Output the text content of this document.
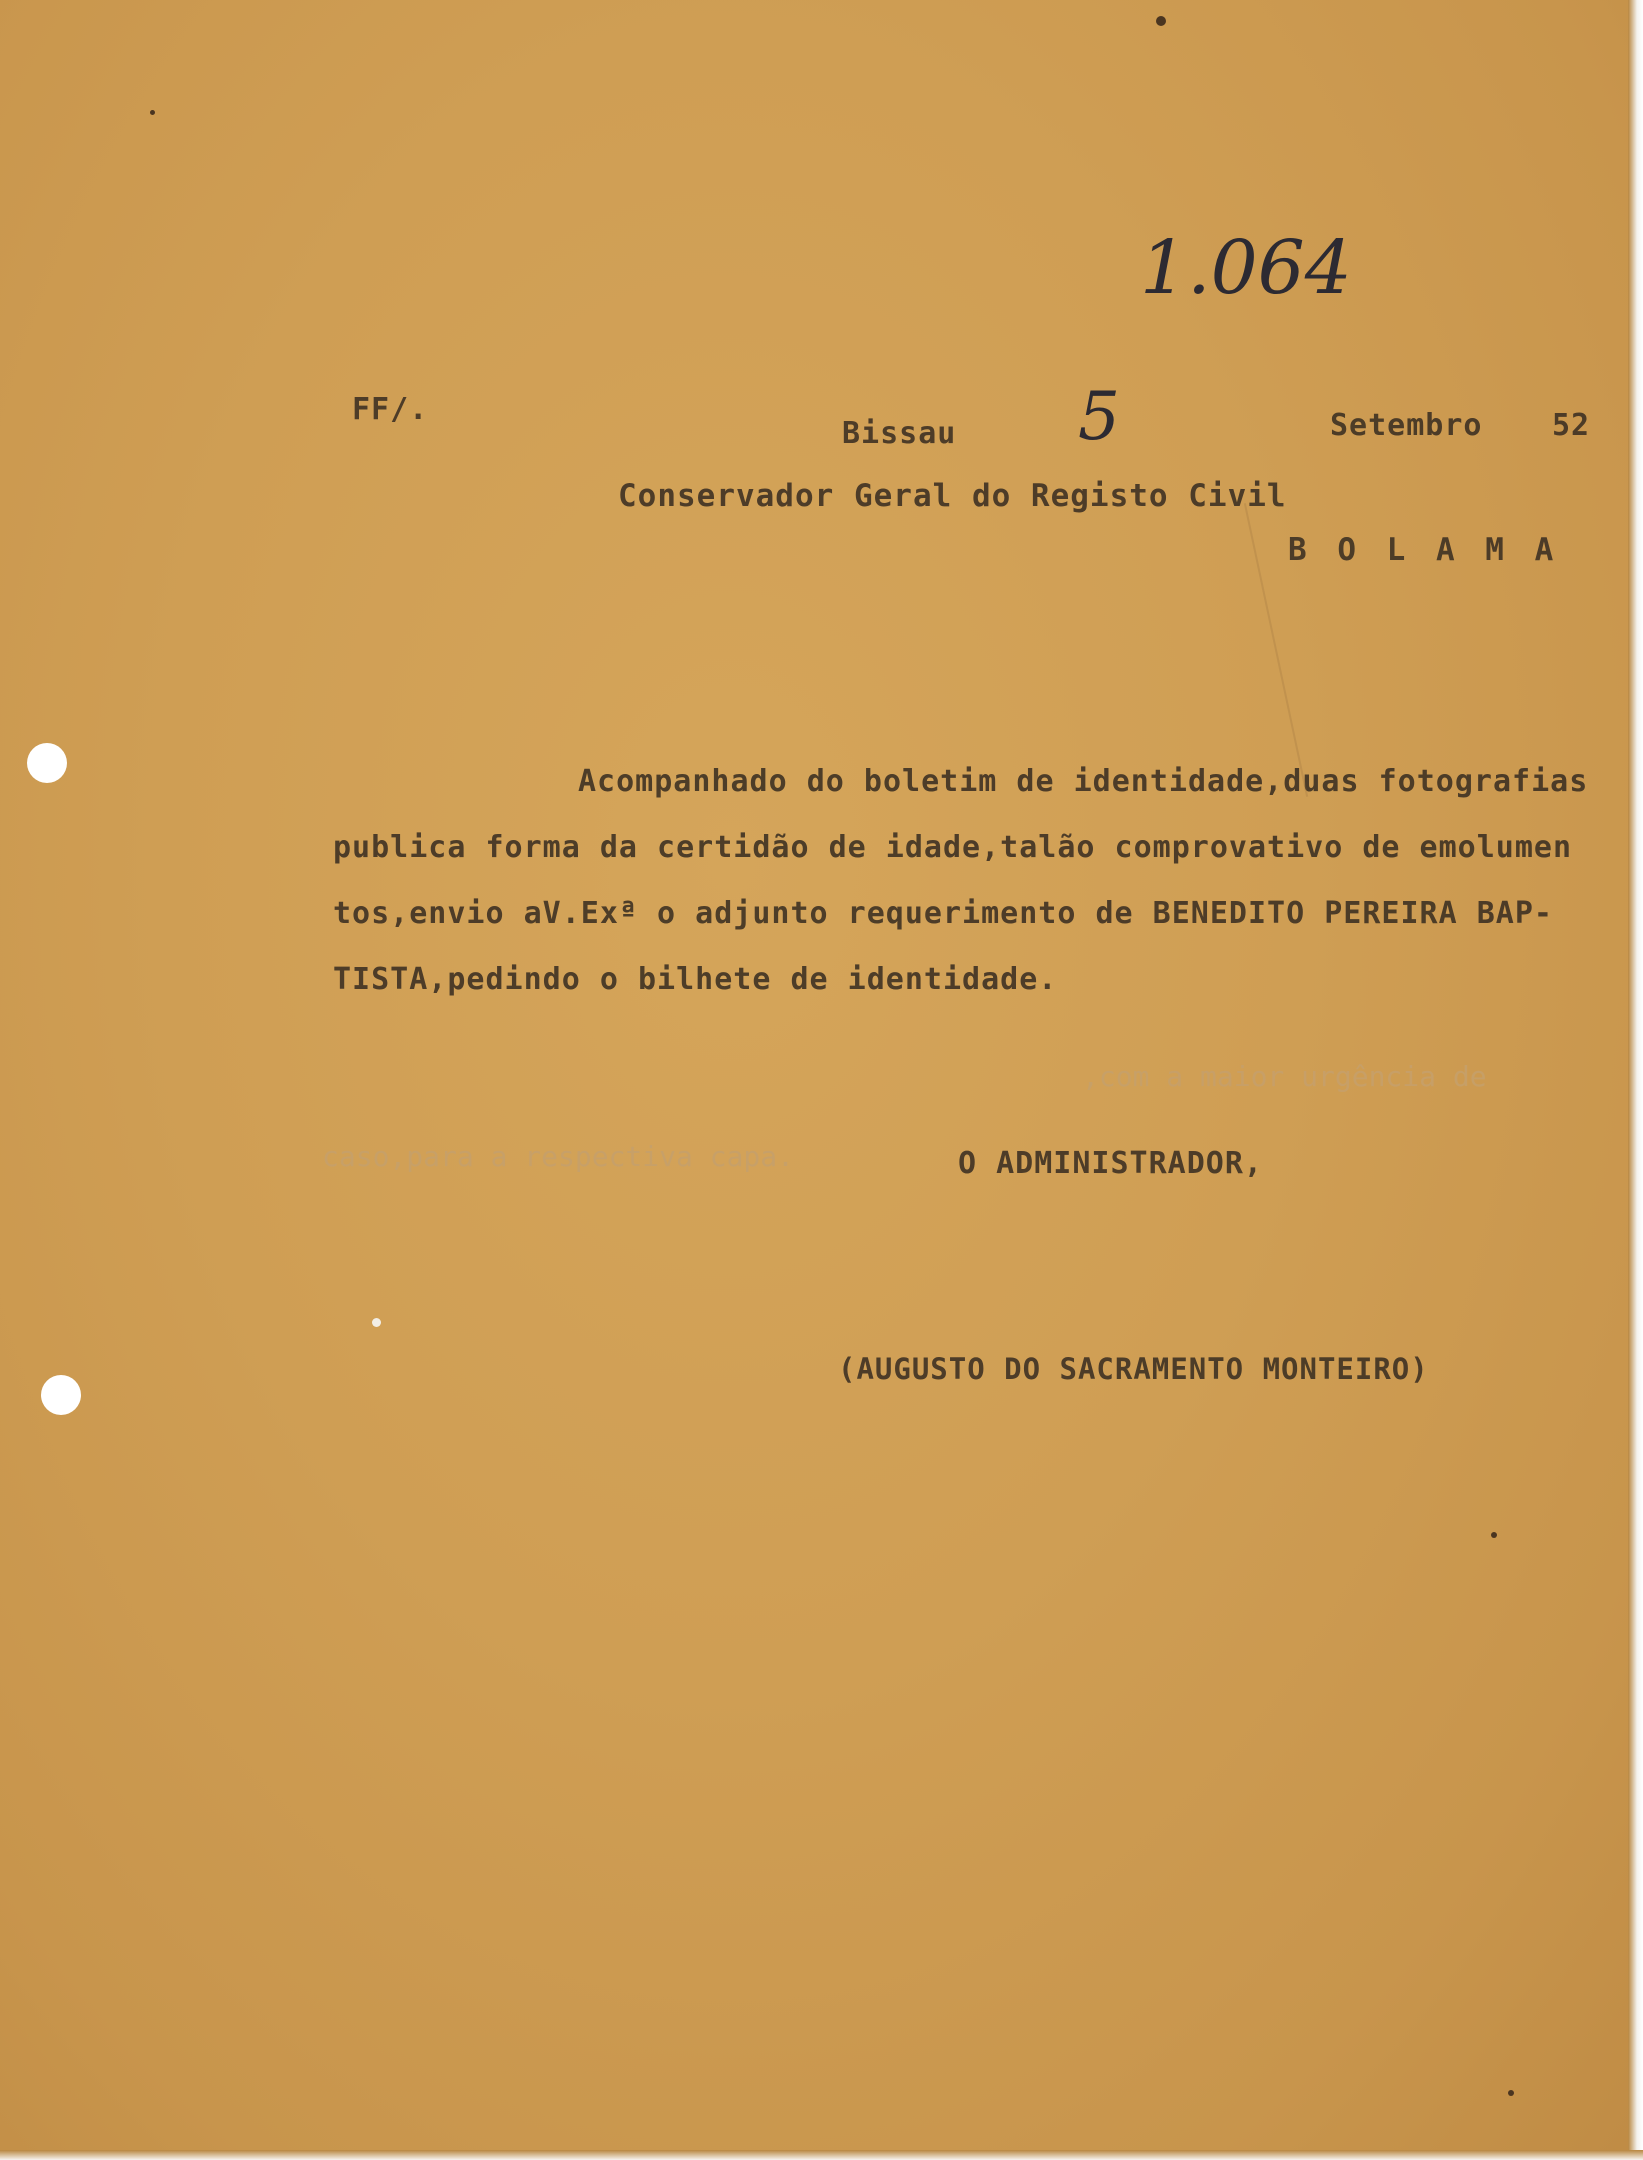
1.064

FF/.

Bissau 5	Setembro 52

Conservador Geral do Registo Civil

B O L A M A

Acompanhado do boletim de identidade,duas fotografias

publica forma da certidão de idade,talão comprovativo de emolumen

tos,envio aV.Exª o adjunto requerimento de BENEDITO PEREIRA BAP-

TISTA,pedindo o bilhete de identidade.

,com a maior urgência de

caso,para a respectiva capa.	O ADMINISTRADOR,

(AUGUSTO DO SACRAMENTO MONTEIRO)
